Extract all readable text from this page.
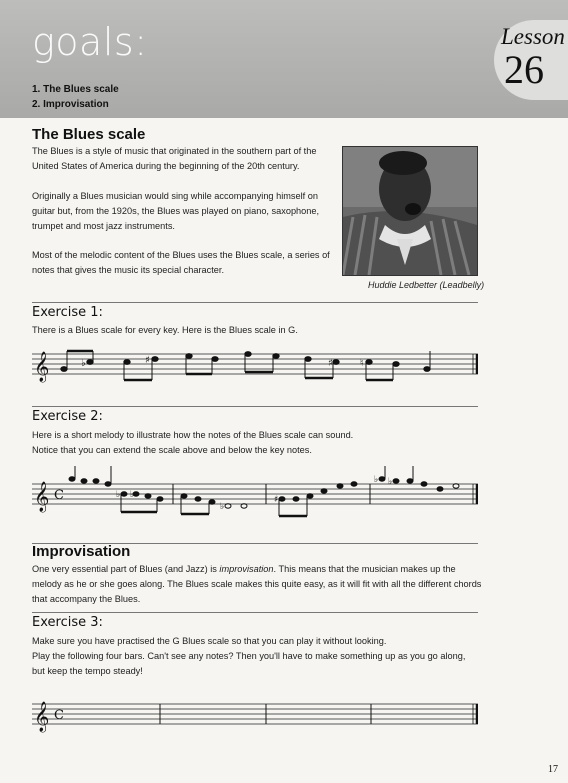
goals:
1. The Blues scale
2. Improvisation
Lesson
26
The Blues scale
The Blues is a style of music that originated in the southern part of the
United States of America during the beginning of the 20th century.
Originally a Blues musician would sing while accompanying himself on
guitar but, from the 1920s, the Blues was played on piano, saxophone,
trumpet and most jazz instruments.
Most of the melodic content of the Blues uses the Blues scale, a series of
notes that gives the music its special character.
Huddie Ledbetter (Leadbelly)
Exercise 1:
There is a Blues scale for every key. Here is the Blues scale in G.
𝄞	♭	♯	♯	♮
Exercise 2:
Here is a short melody to illustrate how the notes of the Blues scale can sound.
Notice that you can extend the scale above and below the key notes.
𝄞 C	♭ ♭
♭
♯
♭ ♭
Improvisation
One very essential part of Blues (and Jazz) is improvisation. This means that the musician makes up the
melody as he or she goes along. The Blues scale makes this quite easy, as it will fit with all the different chords
that accompany the Blues.
Exercise 3:
Make sure you have practised the G Blues scale so that you can play it without looking.
Play the following four bars. Can't see any notes? Then you'll have to make something up as you go along,
but keep the tempo steady!
𝄞 C
17
